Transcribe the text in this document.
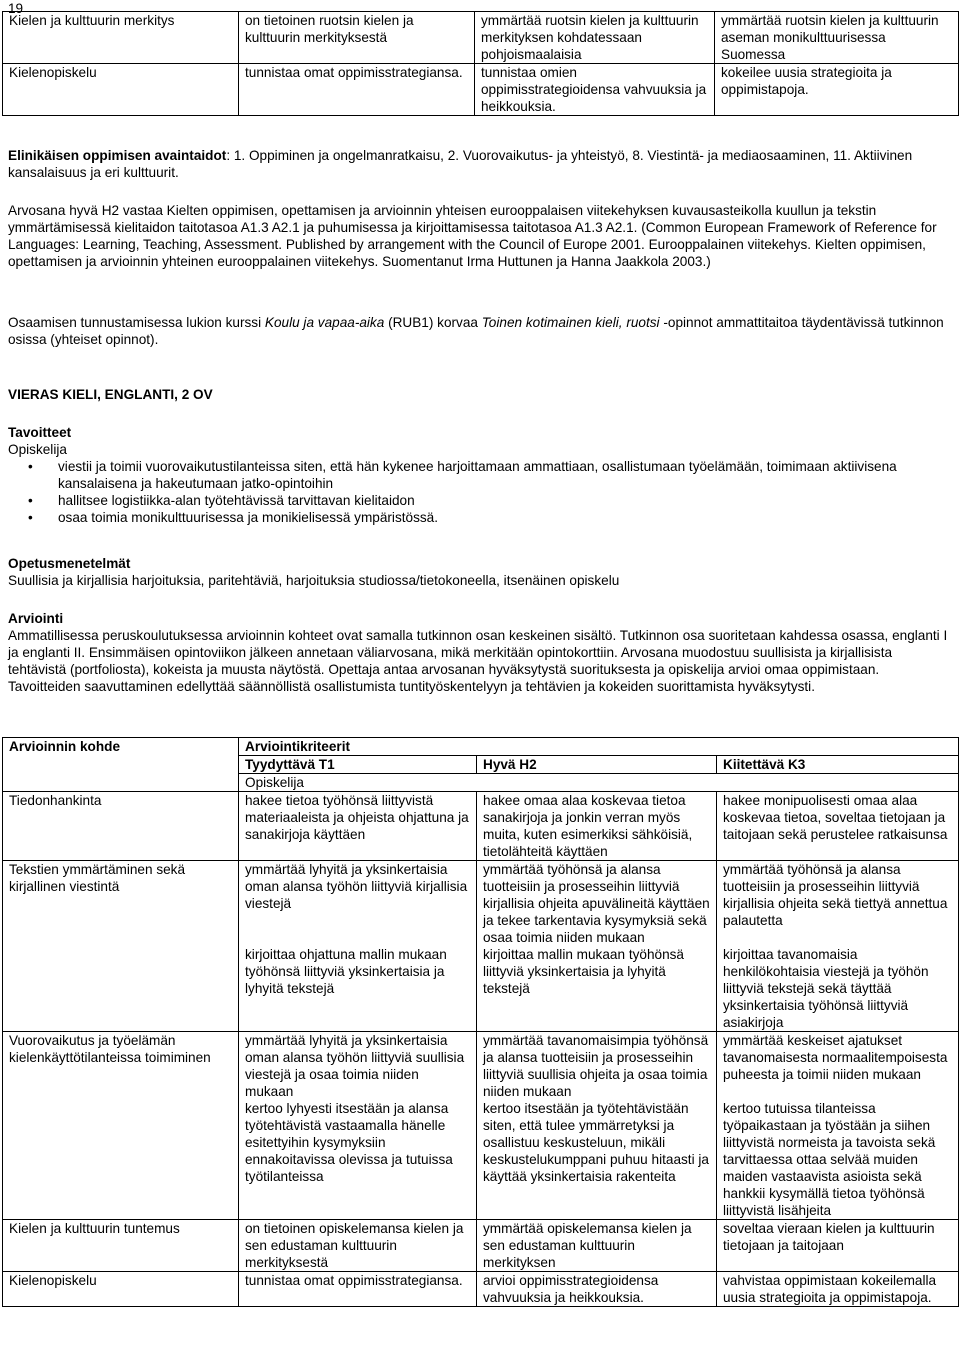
19
Kielen ja kulttuurin merkitys	on tietoinen ruotsin kielen ja kulttuurin merkityksestä	ymmärtää ruotsin kielen ja kulttuurin merkityksen kohdatessaan pohjoismaalaisia	ymmärtää ruotsin kielen ja kulttuurin aseman monikulttuurisessa Suomessa
Kielenopiskelu	tunnistaa omat oppimisstrategiansa.	tunnistaa omien oppimisstrategioidensa vahvuuksia ja heikkouksia.	kokeilee uusia strategioita ja oppimistapoja.

Elinikäisen oppimisen avaintaidot: 1. Oppiminen ja ongelmanratkaisu, 2. Vuorovaikutus- ja yhteistyö, 8. Viestintä- ja mediaosaaminen, 11. Aktiivinen kansalaisuus ja eri kulttuurit.

Arvosana hyvä H2 vastaa Kielten oppimisen, opettamisen ja arvioinnin yhteisen eurooppalaisen viitekehyksen kuvausasteikolla kuullun ja tekstin ymmärtämisessä kielitaidon taitotasoa A1.3 A2.1 ja puhumisessa ja kirjoittamisessa taitotasoa A1.3 A2.1. (Common European Framework of Reference for Languages: Learning, Teaching, Assessment. Published by arrangement with the Council of Europe 2001. Eurooppalainen viitekehys. Kielten oppimisen, opettamisen ja arvioinnin yhteinen eurooppalainen viitekehys. Suomentanut Irma Huttunen ja Hanna Jaakkola 2003.)
Osaamisen tunnustamisessa lukion kurssi Koulu ja vapaa-aika (RUB1) korvaa Toinen kotimainen kieli, ruotsi -opinnot ammattitaitoa täydentävissä tutkinnon osissa (yhteiset opinnot).
VIERAS KIELI, ENGLANTI, 2 OV

Tavoitteet

Opiskelija

• viestii ja toimii vuorovaikutustilanteissa siten, että hän kykenee harjoittamaan ammattiaan, osallistumaan työelämään, toimimaan aktiivisena kansalaisena ja hakeutumaan jatko-opintoihin
• hallitsee logistiikka-alan työtehtävissä tarvittavan kielitaidon
• osaa toimia monikulttuurisessa ja monikielisessä ympäristössä.

Opetusmenetelmät

Suullisia ja kirjallisia harjoituksia, paritehtäviä, harjoituksia studiossa/tietokoneella, itsenäinen opiskelu

Arviointi

Ammatillisessa peruskoulutuksessa arvioinnin kohteet ovat samalla tutkinnon osan keskeinen sisältö. Tutkinnon osa suoritetaan kahdessa osassa, englanti I ja englanti II. Ensimmäisen opintoviikon jälkeen annetaan väliarvosana, mikä merkitään opintokorttiin. Arvosana muodostuu suullisista ja kirjallisista tehtävistä (portfoliosta), kokeista ja muusta näytöstä. Opettaja antaa arvosanan hyväksytystä suorituksesta ja opiskelija arvioi omaa oppimistaan. Tavoitteiden saavuttaminen edellyttää säännöllistä osallistumista tuntityöskentelyyn ja tehtävien ja kokeiden suorittamista hyväksytysti.

Arvioinnin kohde	Arviointikriteerit		
	Tyydyttävä T1	Hyvä H2	Kiitettävä K3
	Opiskelija		
Tiedonhankinta	hakee tietoa työhönsä liittyvistä materiaaleista ja ohjeista ohjattuna ja sanakirjoja käyttäen	hakee omaa alaa koskevaa tietoa sanakirjoja ja jonkin verran myös muita, kuten esimerkiksi sähköisiä, tietolähteitä käyttäen	hakee monipuolisesti omaa alaa koskevaa tietoa, soveltaa tietojaan ja taitojaan sekä perustelee ratkaisunsa
Tekstien ymmärtäminen sekä kirjallinen viestintä	ymmärtää lyhyitä ja yksinkertaisia oman alansa työhön liittyviä kirjallisia viestejä	ymmärtää työhönsä ja alansa tuotteisiin ja prosesseihin liittyviä kirjallisia ohjeita apuvälineitä käyttäen ja tekee tarkentavia kysymyksiä sekä osaa toimia niiden mukaan	ymmärtää työhönsä ja alansa tuotteisiin ja prosesseihin liittyviä kirjallisia ohjeita sekä tiettyä annettua palautetta
	kirjoittaa ohjattuna mallin mukaan työhönsä liittyviä yksinkertaisia ja lyhyitä tekstejä	kirjoittaa mallin mukaan työhönsä liittyviä yksinkertaisia ja lyhyitä tekstejä	kirjoittaa tavanomaisia henkilökohtaisia viestejä ja työhön liittyviä tekstejä sekä täyttää yksinkertaisia työhönsä liittyviä asiakirjoja
Vuorovaikutus ja työelämän kielenkäyttötilanteissa toimiminen	ymmärtää lyhyitä ja yksinkertaisia oman alansa työhön liittyviä suullisia viestejä ja osaa toimia niiden mukaan	ymmärtää tavanomaisimpia työhönsä ja alansa tuotteisiin ja prosesseihin liittyviä suullisia ohjeita ja osaa toimia niiden mukaan	ymmärtää keskeiset ajatukset tavanomaisesta normaalitempoisesta puheesta ja toimii niiden mukaan
	kertoo lyhyesti itsestään ja alansa työtehtävistä vastaamalla hänelle esitettyihin kysymyksiin ennakoitavissa olevissa ja tutuissa työtilanteissa	kertoo itsestään ja työtehtävistään siten, että tulee ymmärretyksi ja osallistuu keskusteluun, mikäli keskustelukumppani puhuu hitaasti ja käyttää yksinkertaisia rakenteita	kertoo tutuissa tilanteissa työpaikastaan ja työstään ja siihen liittyvistä normeista ja tavoista sekä tarvittaessa ottaa selvää muiden maiden vastaavista asioista sekä hankkii kysymällä tietoa työhönsä liittyvistä lisähjeita
Kielen ja kulttuurin tuntemus	on tietoinen opiskelemansa kielen ja sen edustaman kulttuurin merkityksestä	ymmärtää opiskelemansa kielen ja sen edustaman kulttuurin merkityksen	soveltaa vieraan kielen ja kulttuurin tietojaan ja taitojaan
Kielenopiskelu	tunnistaa omat oppimisstrategiansa.	arvioi oppimisstrategioidensa vahvuuksia ja heikkouksia.	vahvistaa oppimistaan kokeilemalla uusia strategioita ja oppimistapoja.
